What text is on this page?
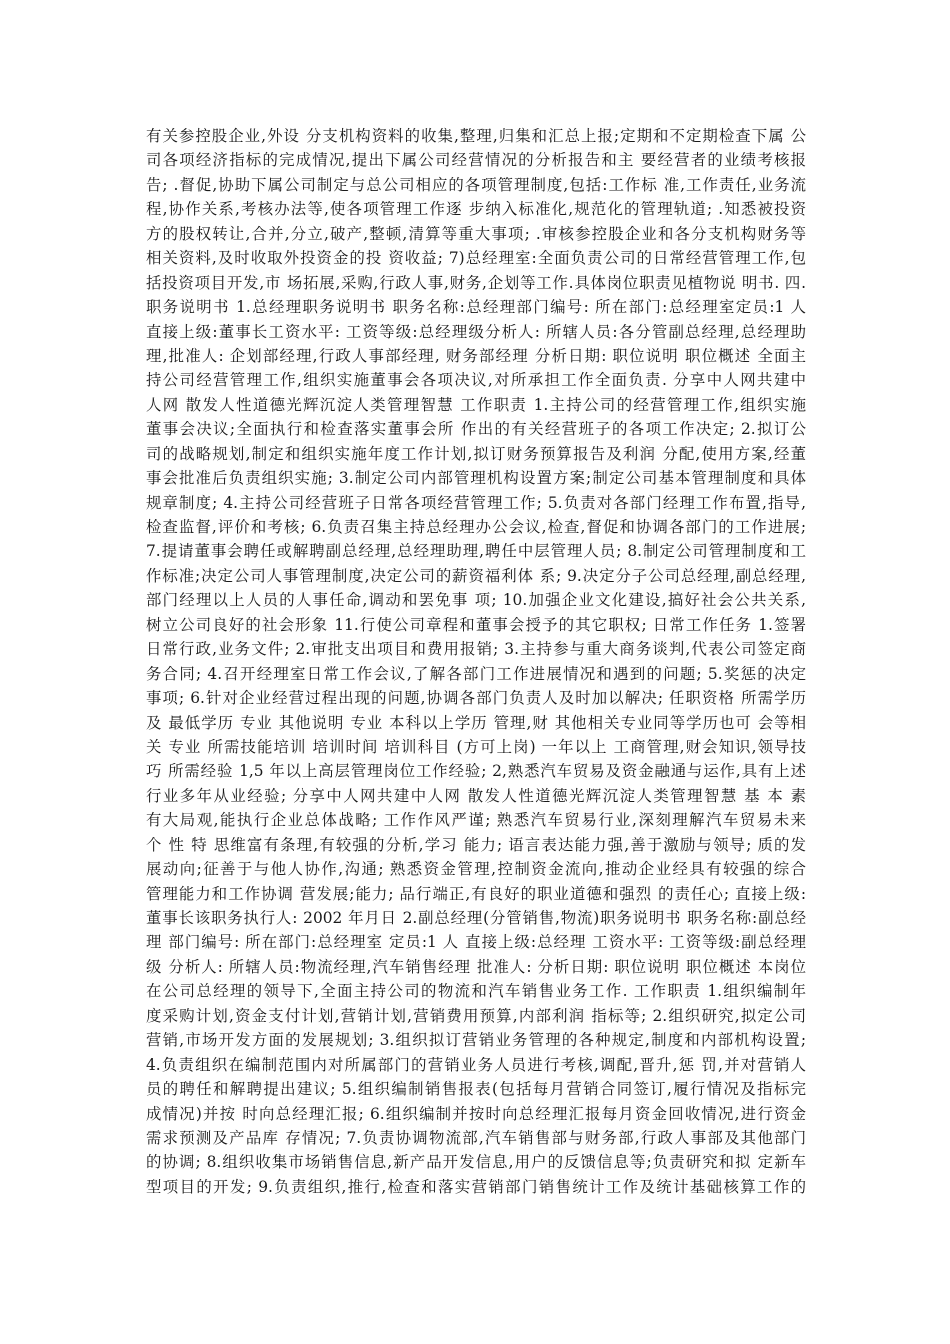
有关参控股企业,外设 分支机构资料的收集,整理,归集和汇总上报;定期和不定期检查下属 公
司各项经济指标的完成情况,提出下属公司经营情况的分析报告和主 要经营者的业绩考核报
告; .督促,协助下属公司制定与总公司相应的各项管理制度,包括:工作标 准,工作责任,业务流
程,协作关系,考核办法等,使各项管理工作逐 步纳入标准化,规范化的管理轨道; .知悉被投资
方的股权转让,合并,分立,破产,整顿,清算等重大事项; .审核参控股企业和各分支机构财务等
相关资料,及时收取外投资金的投 资收益; 7)总经理室:全面负责公司的日常经营管理工作,包
括投资项目开发,市 场拓展,采购,行政人事,财务,企划等工作.具体岗位职责见植物说 明书. 四.
职务说明书 1.总经理职务说明书 职务名称:总经理部门编号: 所在部门:总经理室定员:1 人
直接上级:董事长工资水平: 工资等级:总经理级分析人: 所辖人员:各分管副总经理,总经理助
理,批准人: 企划部经理,行政人事部经理, 财务部经理 分析日期: 职位说明 职位概述 全面主
持公司经营管理工作,组织实施董事会各项决议,对所承担工作全面负责. 分享中人网共建中
人网 散发人性道德光辉沉淀人类管理智慧 工作职责 1.主持公司的经营管理工作,组织实施
董事会决议;全面执行和检查落实董事会所 作出的有关经营班子的各项工作决定; 2.拟订公
司的战略规划,制定和组织实施年度工作计划,拟订财务预算报告及利润 分配,使用方案,经董
事会批准后负责组织实施; 3.制定公司内部管理机构设置方案;制定公司基本管理制度和具体
规章制度; 4.主持公司经营班子日常各项经营管理工作; 5.负责对各部门经理工作布置,指导,
检查监督,评价和考核; 6.负责召集主持总经理办公会议,检查,督促和协调各部门的工作进展;
7.提请董事会聘任或解聘副总经理,总经理助理,聘任中层管理人员; 8.制定公司管理制度和工
作标准;决定公司人事管理制度,决定公司的薪资福利体 系; 9.决定分子公司总经理,副总经理,
部门经理以上人员的人事任命,调动和罢免事 项; 10.加强企业文化建设,搞好社会公共关系,
树立公司良好的社会形象 11.行使公司章程和董事会授予的其它职权; 日常工作任务 1.签署
日常行政,业务文件; 2.审批支出项目和费用报销; 3.主持参与重大商务谈判,代表公司签定商
务合同; 4.召开经理室日常工作会议,了解各部门工作进展情况和遇到的问题; 5.奖惩的决定
事项; 6.针对企业经营过程出现的问题,协调各部门负责人及时加以解决; 任职资格 所需学历
及 最低学历 专业 其他说明 专业 本科以上学历 管理,财 其他相关专业同等学历也可 会等相
关 专业 所需技能培训 培训时间 培训科目 (方可上岗) 一年以上 工商管理,财会知识,领导技
巧 所需经验 1,5 年以上高层管理岗位工作经验; 2,熟悉汽车贸易及资金融通与运作,具有上述
行业多年从业经验; 分享中人网共建中人网 散发人性道德光辉沉淀人类管理智慧 基 本 素
有大局观,能执行企业总体战略; 工作作风严谨; 熟悉汽车贸易行业,深刻理解汽车贸易未来
个 性 特 思维富有条理,有较强的分析,学习 能力; 语言表达能力强,善于激励与领导; 质的发
展动向;征善于与他人协作,沟通; 熟悉资金管理,控制资金流向,推动企业经具有较强的综合
管理能力和工作协调 营发展;能力; 品行端正,有良好的职业道德和强烈 的责任心; 直接上级:
董事长该职务执行人: 2002 年月日 2.副总经理(分管销售,物流)职务说明书 职务名称:副总经
理 部门编号: 所在部门:总经理室 定员:1 人 直接上级:总经理 工资水平: 工资等级:副总经理
级 分析人: 所辖人员:物流经理,汽车销售经理 批准人: 分析日期: 职位说明 职位概述 本岗位
在公司总经理的领导下,全面主持公司的物流和汽车销售业务工作. 工作职责 1.组织编制年
度采购计划,资金支付计划,营销计划,营销费用预算,内部利润 指标等; 2.组织研究,拟定公司
营销,市场开发方面的发展规划; 3.组织拟订营销业务管理的各种规定,制度和内部机构设置;
4.负责组织在编制范围内对所属部门的营销业务人员进行考核,调配,晋升,惩 罚,并对营销人
员的聘任和解聘提出建议; 5.组织编制销售报表(包括每月营销合同签订,履行情况及指标完
成情况)并按 时向总经理汇报; 6.组织编制并按时向总经理汇报每月资金回收情况,进行资金
需求预测及产品库 存情况; 7.负责协调物流部,汽车销售部与财务部,行政人事部及其他部门
的协调; 8.组织收集市场销售信息,新产品开发信息,用户的反馈信息等;负责研究和拟 定新车
型项目的开发; 9.负责组织,推行,检查和落实营销部门销售统计工作及统计基础核算工作的
